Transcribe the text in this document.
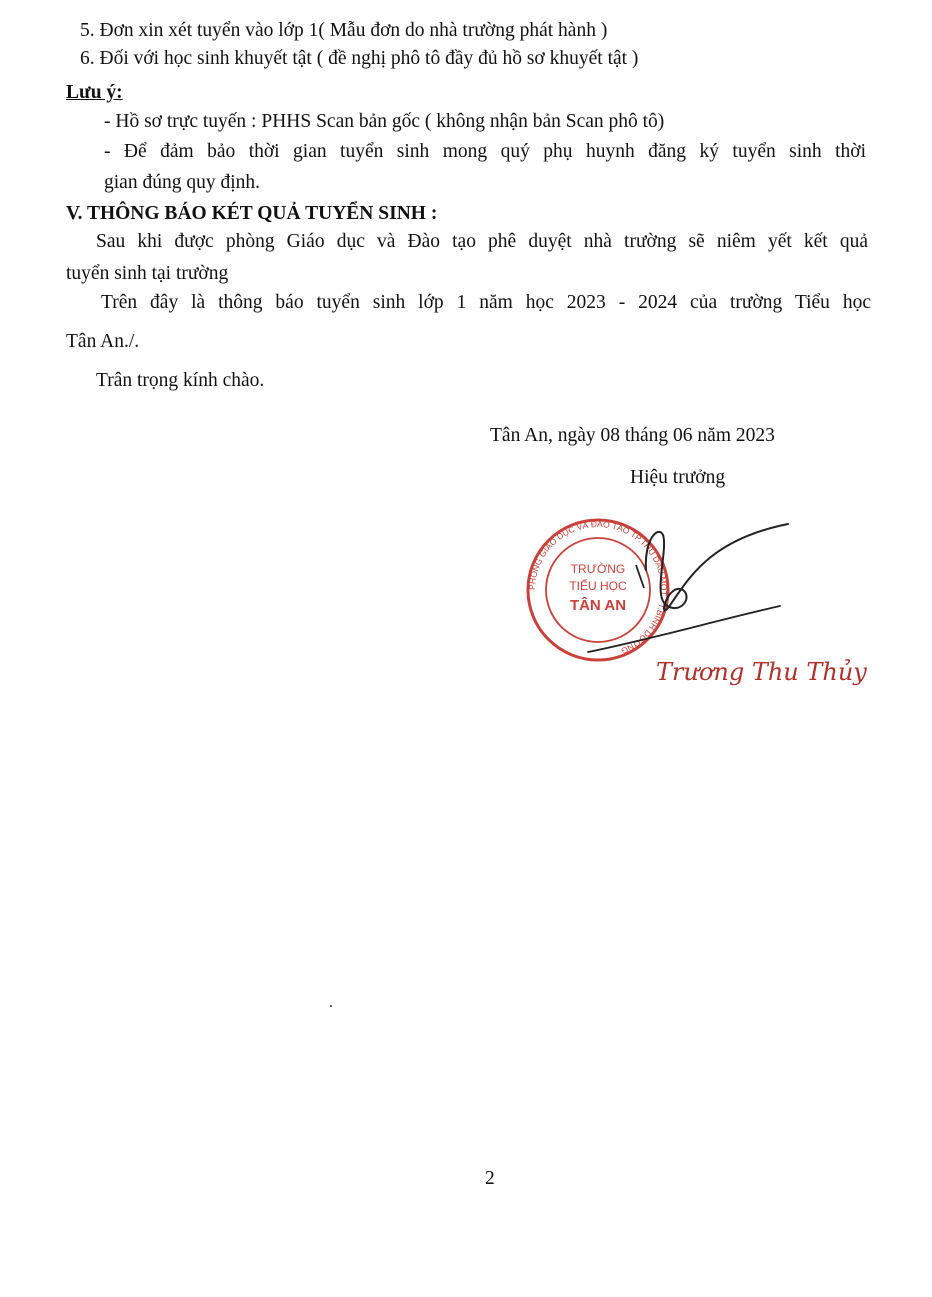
5. Đơn xin xét tuyển vào lớp 1( Mẫu đơn do nhà trường phát hành )
6. Đối với học sinh khuyết tật ( đề nghị phô tô đầy đủ hồ sơ khuyết tật )
Lưu ý:
- Hồ sơ trực tuyến : PHHS Scan bản gốc ( không nhận bản Scan phô tô)
- Để đảm bảo thời gian tuyển sinh mong quý phụ huynh đăng ký tuyển sinh thời
gian đúng quy định.
V. THÔNG BÁO KÉT QUẢ TUYỂN SINH :
Sau khi được phòng Giáo dục và Đào tạo phê duyệt nhà trường sẽ niêm yết kết quả
tuyển sinh tại trường
Trên đây là thông báo tuyển sinh lớp 1 năm học 2023 - 2024 của trường Tiểu học
Tân An./.
Trân trọng kính chào.
Tân An, ngày 08 tháng 06 năm 2023
Hiệu trưởng
PHÒNG GIÁO DỤC VÀ ĐÀO TẠO TP.THỦ DẦU MỘT - T.BÌNH DƯƠNG
TRƯỜNG
TIỂU HỌC
TÂN AN
Trương Thu Thủy
2
